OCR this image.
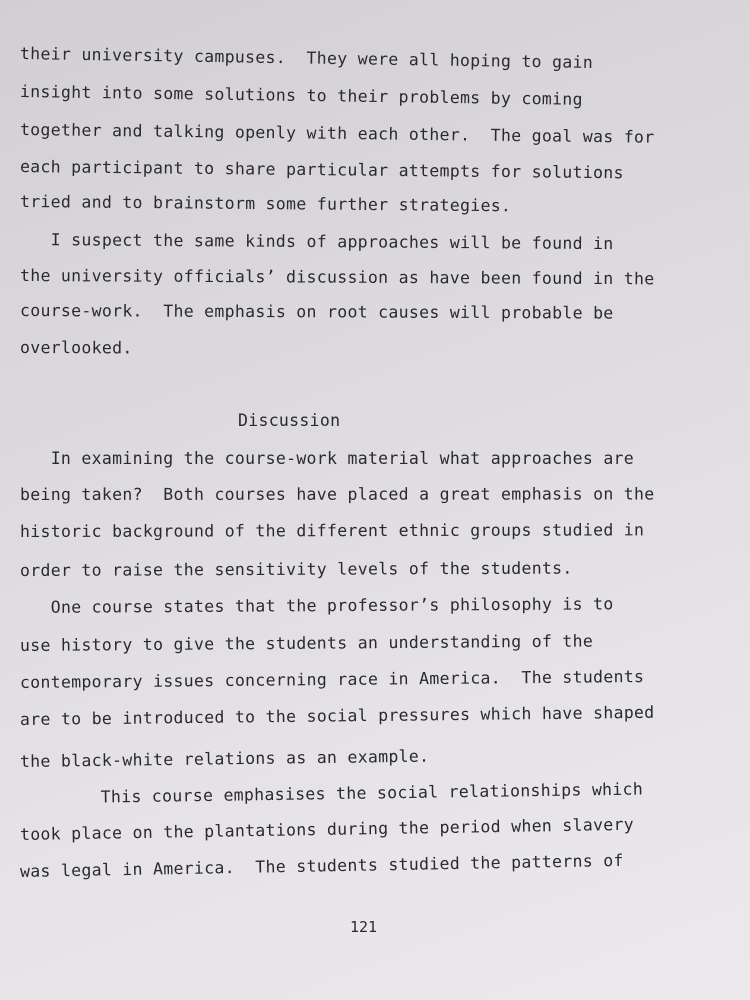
their university campuses.  They were all hoping to gain
insight into some solutions to their problems by coming
together and talking openly with each other.  The goal was for
each participant to share particular attempts for solutions
tried and to brainstorm some further strategies.
I suspect the same kinds of approaches will be found in
the university officials’ discussion as have been found in the
course-work.  The emphasis on root causes will probable be
overlooked.
Discussion
In examining the course-work material what approaches are
being taken?  Both courses have placed a great emphasis on the
historic background of the different ethnic groups studied in
order to raise the sensitivity levels of the students.
One course states that the professor’s philosophy is to
use history to give the students an understanding of the
contemporary issues concerning race in America.  The students
are to be introduced to the social pressures which have shaped
the black-white relations as an example.
This course emphasises the social relationships which
took place on the plantations during the period when slavery
was legal in America.  The students studied the patterns of
121
